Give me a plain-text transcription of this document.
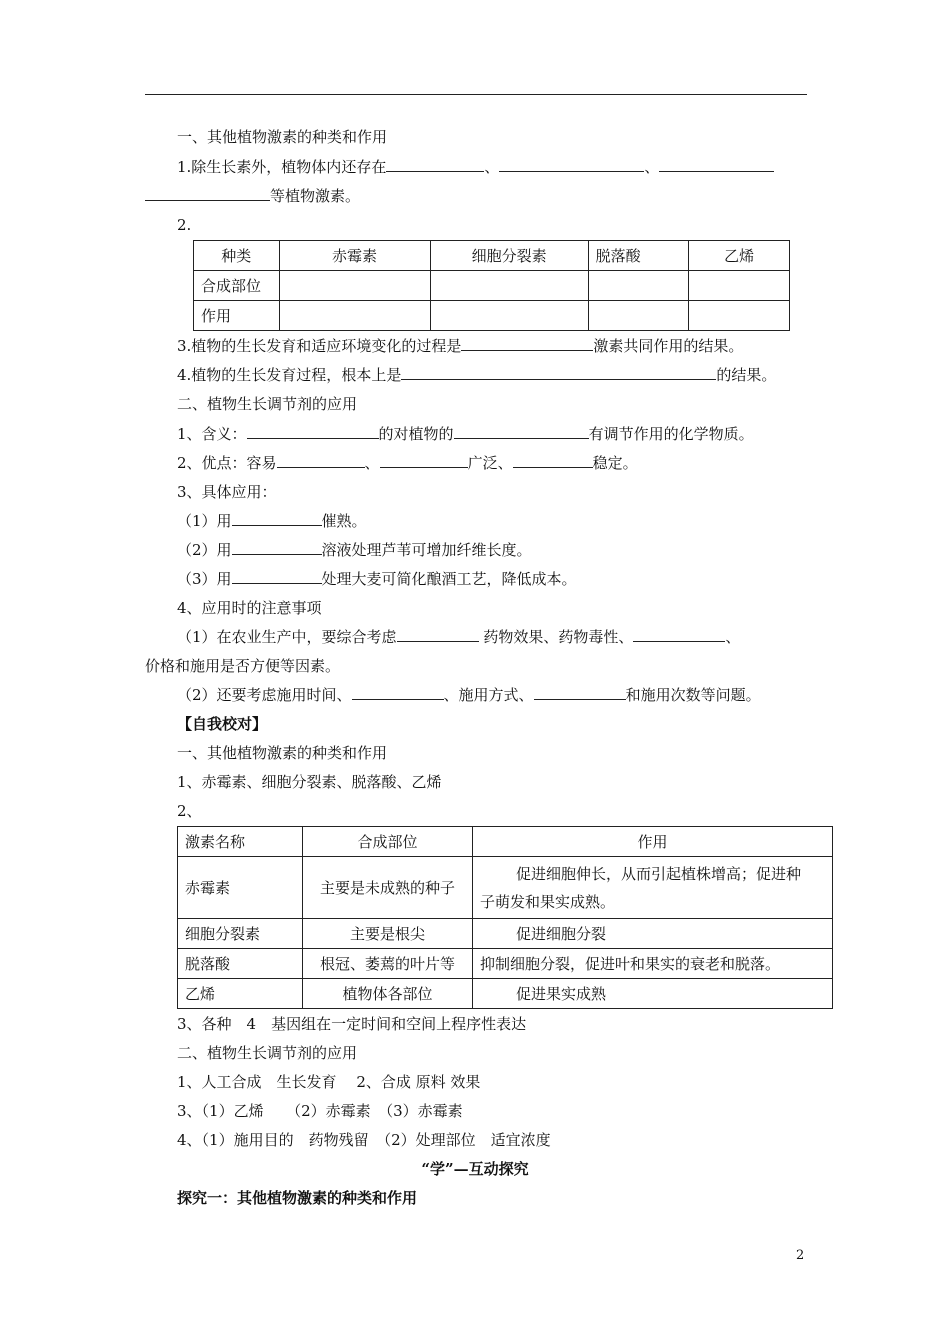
一、其他植物激素的种类和作用
1.除生长素外，植物体内还存在	、	、
等植物激素。
2.
种类	赤霉素	细胞分裂素	脱落酸	乙烯
合成部位				
作用				
3.植物的生长发育和适应环境变化的过程是	激素共同作用的结果。
4.植物的生长发育过程，根本上是	的结果。
二、植物生长调节剂的应用
1、含义：	的对植物的	有调节作用的化学物质。
2、优点：容易	、	广泛、	稳定。
3、具体应用：
（1）用	催熟。
（2）用	溶液处理芦苇可增加纤维长度。
（3）用	处理大麦可简化酿酒工艺，降低成本。
4、应用时的注意事项
（1）在农业生产中，要综合考虑	药物效果、药物毒性、	、
价格和施用是否方便等因素。
（2）还要考虑施用时间、	、施用方式、	和施用次数等问题。
【自我校对】
一、其他植物激素的种类和作用
1、赤霉素、细胞分裂素、脱落酸、乙烯
2、
激素名称	合成部位	作用
赤霉素	主要是未成熟的种子	促进细胞伸长，从而引起植株增高；促进种
子萌发和果实成熟。
细胞分裂素	主要是根尖	促进细胞分裂
脱落酸	根冠、萎蔫的叶片等	抑制细胞分裂，促进叶和果实的衰老和脱落。
乙烯	植物体各部位	促进果实成熟
3、各种　4　基因组在一定时间和空间上程序性表达
二、植物生长调节剂的应用
1、人工合成　生长发育　 2、合成 原料 效果
3、（1）乙烯　　（2）赤霉素　（3）赤霉素
4、（1）施用目的　药物残留　（2）处理部位　适宜浓度
“学”—互动探究
探究一：其他植物激素的种类和作用
2
